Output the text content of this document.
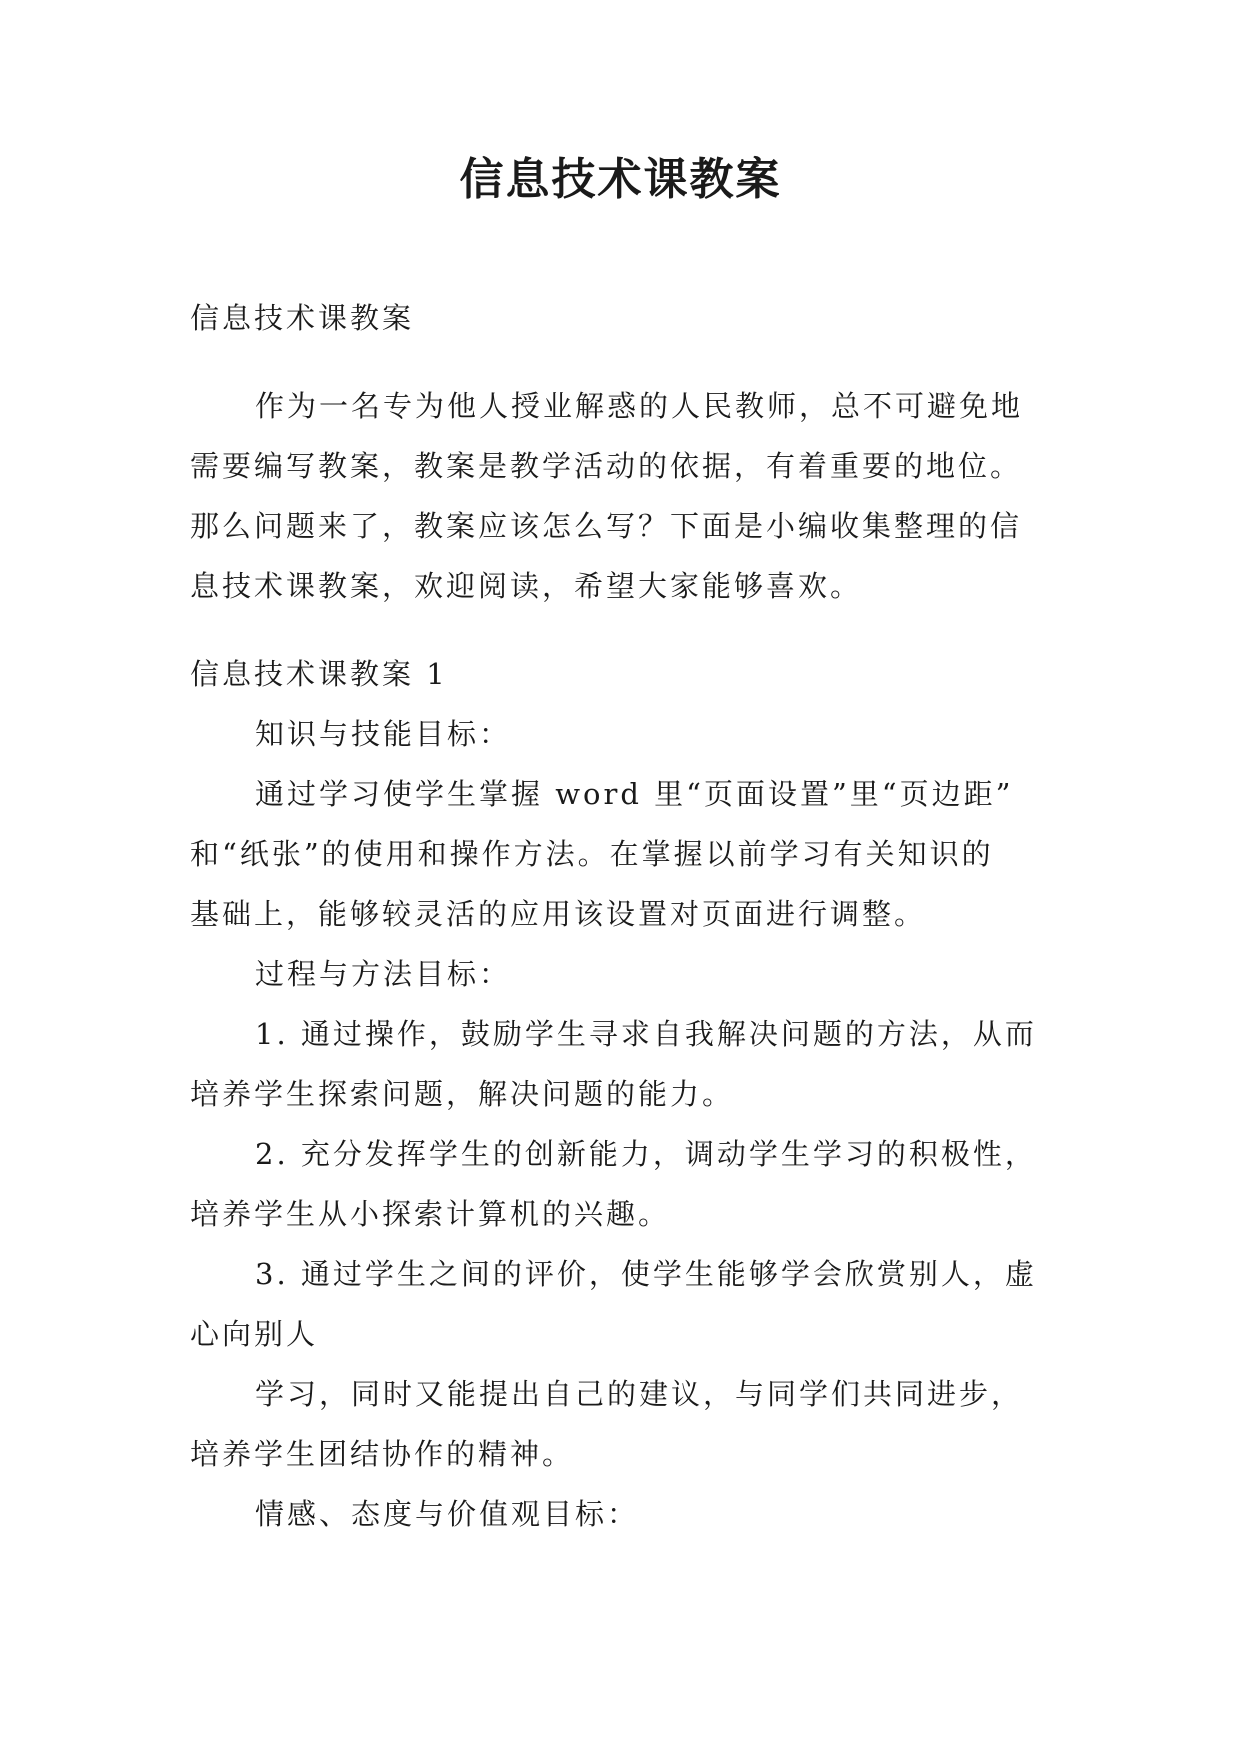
信息技术课教案
信息技术课教案
作为一名专为他人授业解惑的人民教师，总不可避免地
需要编写教案，教案是教学活动的依据，有着重要的地位。
那么问题来了，教案应该怎么写？下面是小编收集整理的信
息技术课教案，欢迎阅读，希望大家能够喜欢。
信息技术课教案 1
知识与技能目标：
通过学习使学生掌握 word 里“页面设置”里“页边距”
和“纸张”的使用和操作方法。在掌握以前学习有关知识的
基础上，能够较灵活的应用该设置对页面进行调整。
过程与方法目标：
1. 通过操作，鼓励学生寻求自我解决问题的方法，从而
培养学生探索问题，解决问题的能力。
2. 充分发挥学生的创新能力，调动学生学习的积极性，
培养学生从小探索计算机的兴趣。
3. 通过学生之间的评价，使学生能够学会欣赏别人，虚
心向别人
学习，同时又能提出自己的建议，与同学们共同进步，
培养学生团结协作的精神。
情感、态度与价值观目标：
